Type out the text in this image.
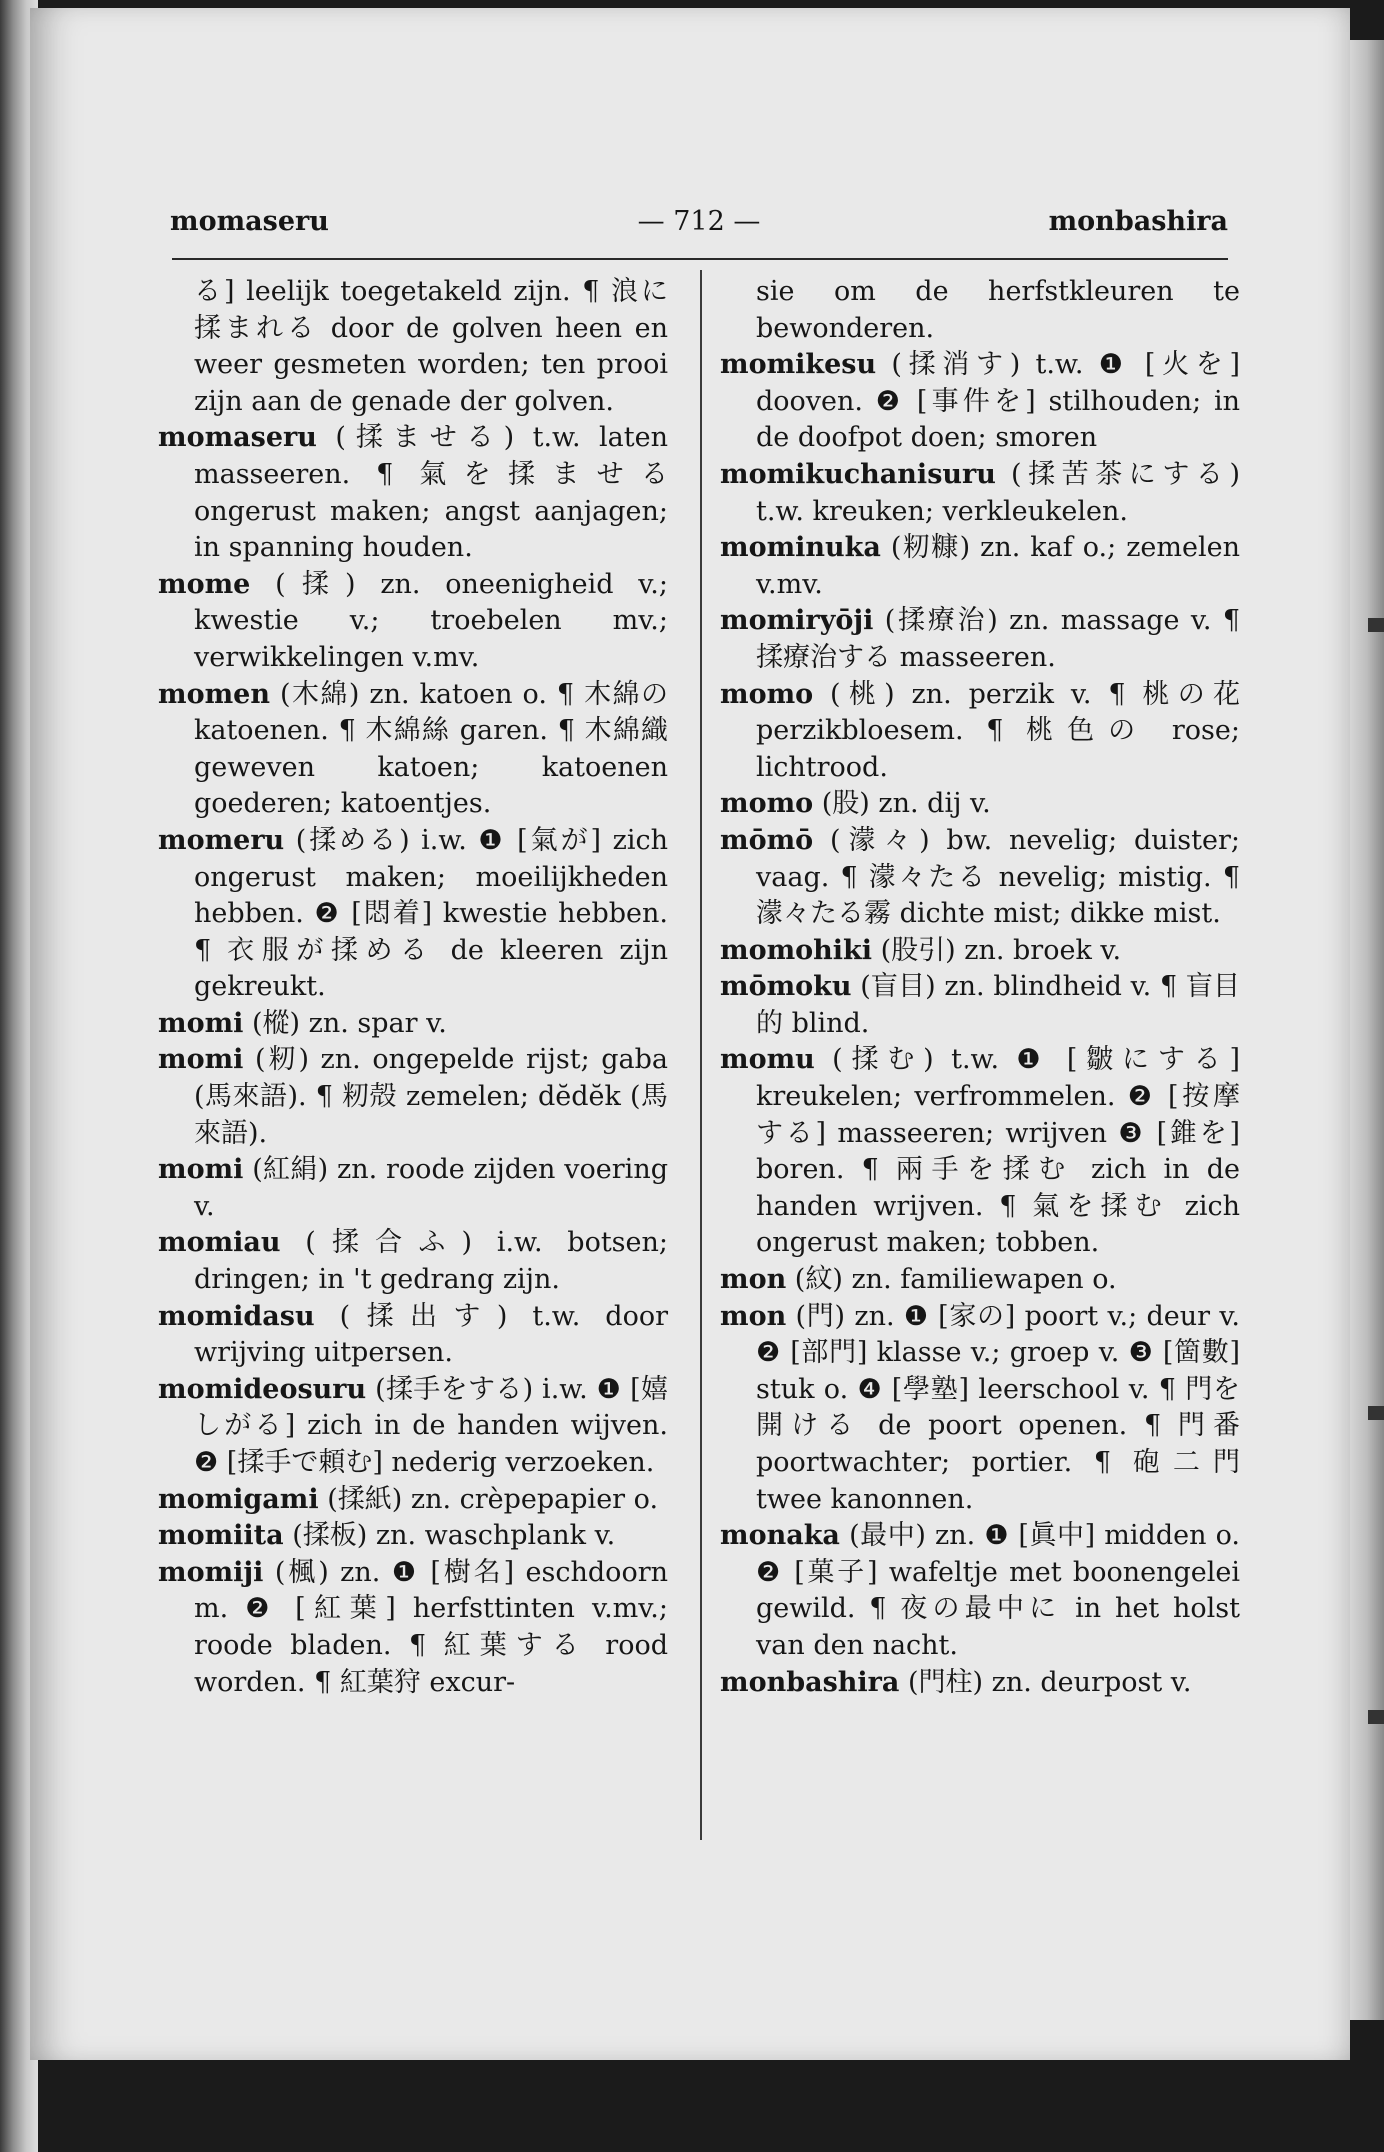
momaseru	— 712 —	monbashira

る] leelijk toegetakeld zijn. ¶ 浪に揉まれる door de golven heen en weer gesmeten worden; ten prooi zijn aan de genade der golven.

momaseru (揉ませる) t.w. laten masseeren. ¶ 氣を揉ませる ongerust maken; angst aanjagen; in spanning houden.

mome (揉) zn. oneenigheid v.; kwestie v.; troebelen mv.; verwikkelingen v.mv.

momen (木綿) zn. katoen o. ¶ 木綿の katoenen. ¶ 木綿絲 garen. ¶ 木綿織 geweven katoen; katoenen goederen; katoentjes.

momeru (揉める) i.w. ❶ [氣が] zich ongerust maken; moeilijkheden hebben. ❷ [悶着] kwestie hebben. ¶ 衣服が揉める de kleeren zijn gekreukt.

momi (樅) zn. spar v.

momi (籾) zn. ongepelde rijst; gaba (馬來語). ¶ 籾殻 zemelen; dĕdĕk (馬來語).

momi (紅絹) zn. roode zijden voering v.

momiau (揉合ふ) i.w. botsen; dringen; in 't gedrang zijn.

momidasu (揉出す) t.w. door wrijving uitpersen.

momideosuru (揉手をする) i.w. ❶ [嬉しがる] zich in de handen wijven. ❷ [揉手で頼む] nederig verzoeken.

momigami (揉紙) zn. crèpepapier o.

momiita (揉板) zn. waschplank v.

momiji (楓) zn. ❶ [樹名] eschdoorn m. ❷ [紅葉] herfsttinten v.mv.; roode bladen. ¶ 紅葉する rood worden. ¶ 紅葉狩 excur-

sie om de herfstkleuren te bewonderen.

momikesu (揉消す) t.w. ❶ [火を] dooven. ❷ [事件を] stilhouden; in de doofpot doen; smoren

momikuchanisuru (揉苦茶にする) t.w. kreuken; verkleukelen.

mominuka (籾糠) zn. kaf o.; zemelen v.mv.

momiryōji (揉療治) zn. massage v. ¶ 揉療治する masseeren.

momo (桃) zn. perzik v. ¶ 桃の花 perzikbloesem. ¶ 桃色の rose; lichtrood.

momo (股) zn. dij v.

mōmō (濛々) bw. nevelig; duister; vaag. ¶ 濛々たる nevelig; mistig. ¶ 濛々たる霧 dichte mist; dikke mist.

momohiki (股引) zn. broek v.

mōmoku (盲目) zn. blindheid v. ¶ 盲目的 blind.

momu (揉む) t.w. ❶ [皺にする] kreukelen; verfrommelen. ❷ [按摩する] masseeren; wrijven ❸ [錐を] boren. ¶ 兩手を揉む zich in de handen wrijven. ¶ 氣を揉む zich ongerust maken; tobben.

mon (紋) zn. familiewapen o.

mon (門) zn. ❶ [家の] poort v.; deur v. ❷ [部門] klasse v.; groep v. ❸ [箇數] stuk o. ❹ [學塾] leerschool v. ¶ 門を開ける de poort openen. ¶ 門番 poortwachter; portier. ¶ 砲二門 twee kanonnen.

monaka (最中) zn. ❶ [眞中] midden o. ❷ [菓子] wafeltje met boonengelei gewild. ¶ 夜の最中に in het holst van den nacht.

monbashira (門柱) zn. deurpost v.
